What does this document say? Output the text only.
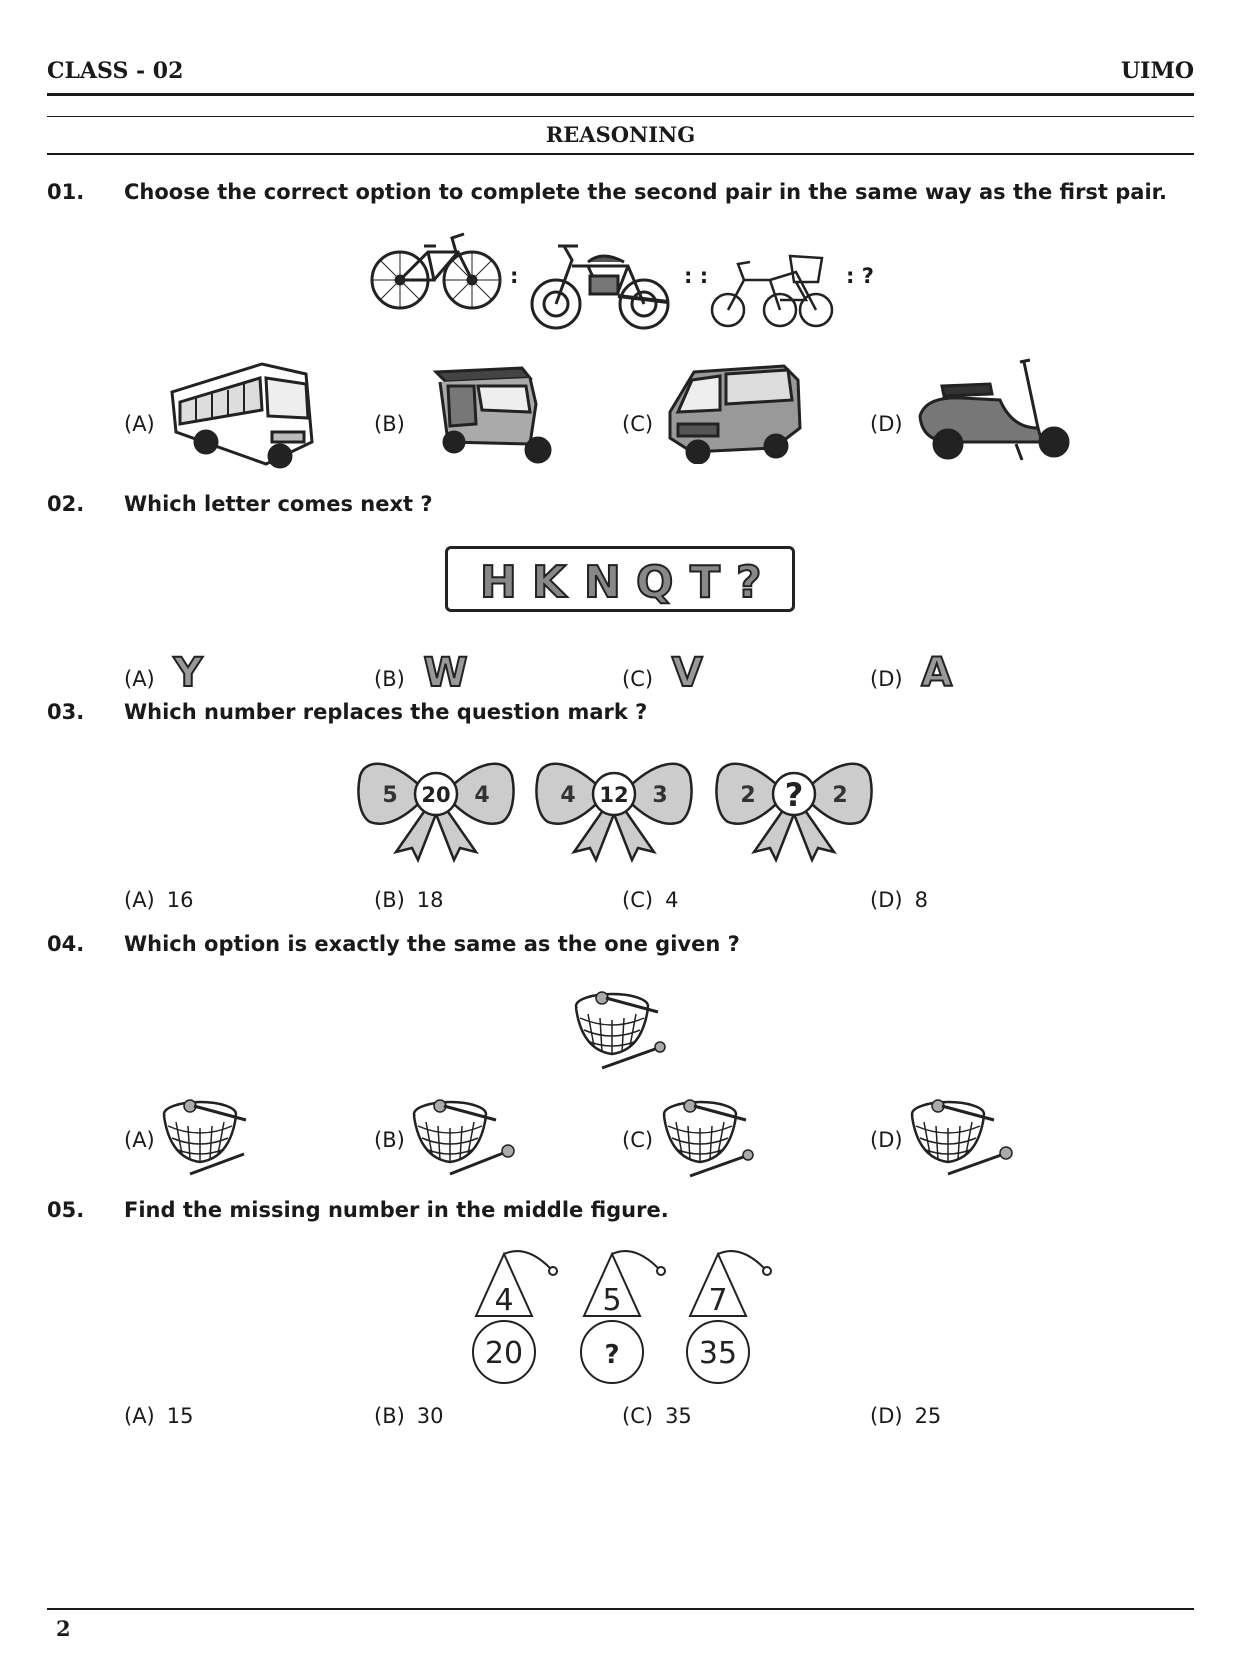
CLASS - 02	UIMO
REASONING
01. Choose the correct option to complete the second pair in the same way as the first pair.
:	: :	: ?
(A)	(B)	(C)	(D)
02. Which letter comes next ?
H K N Q T ?
(A) Y	(B) W	(C) V	(D) A
03. Which number replaces the question mark ?
5 20 4	4 12 3	2 ? 2
(A) 16	(B) 18	(C) 4	(D) 8
04. Which option is exactly the same as the one given ?
(A)	(B)	(C)	(D)
05. Find the missing number in the middle figure.
4
20
5
?
7
35
(A) 15	(B) 30	(C) 35	(D) 25
2
